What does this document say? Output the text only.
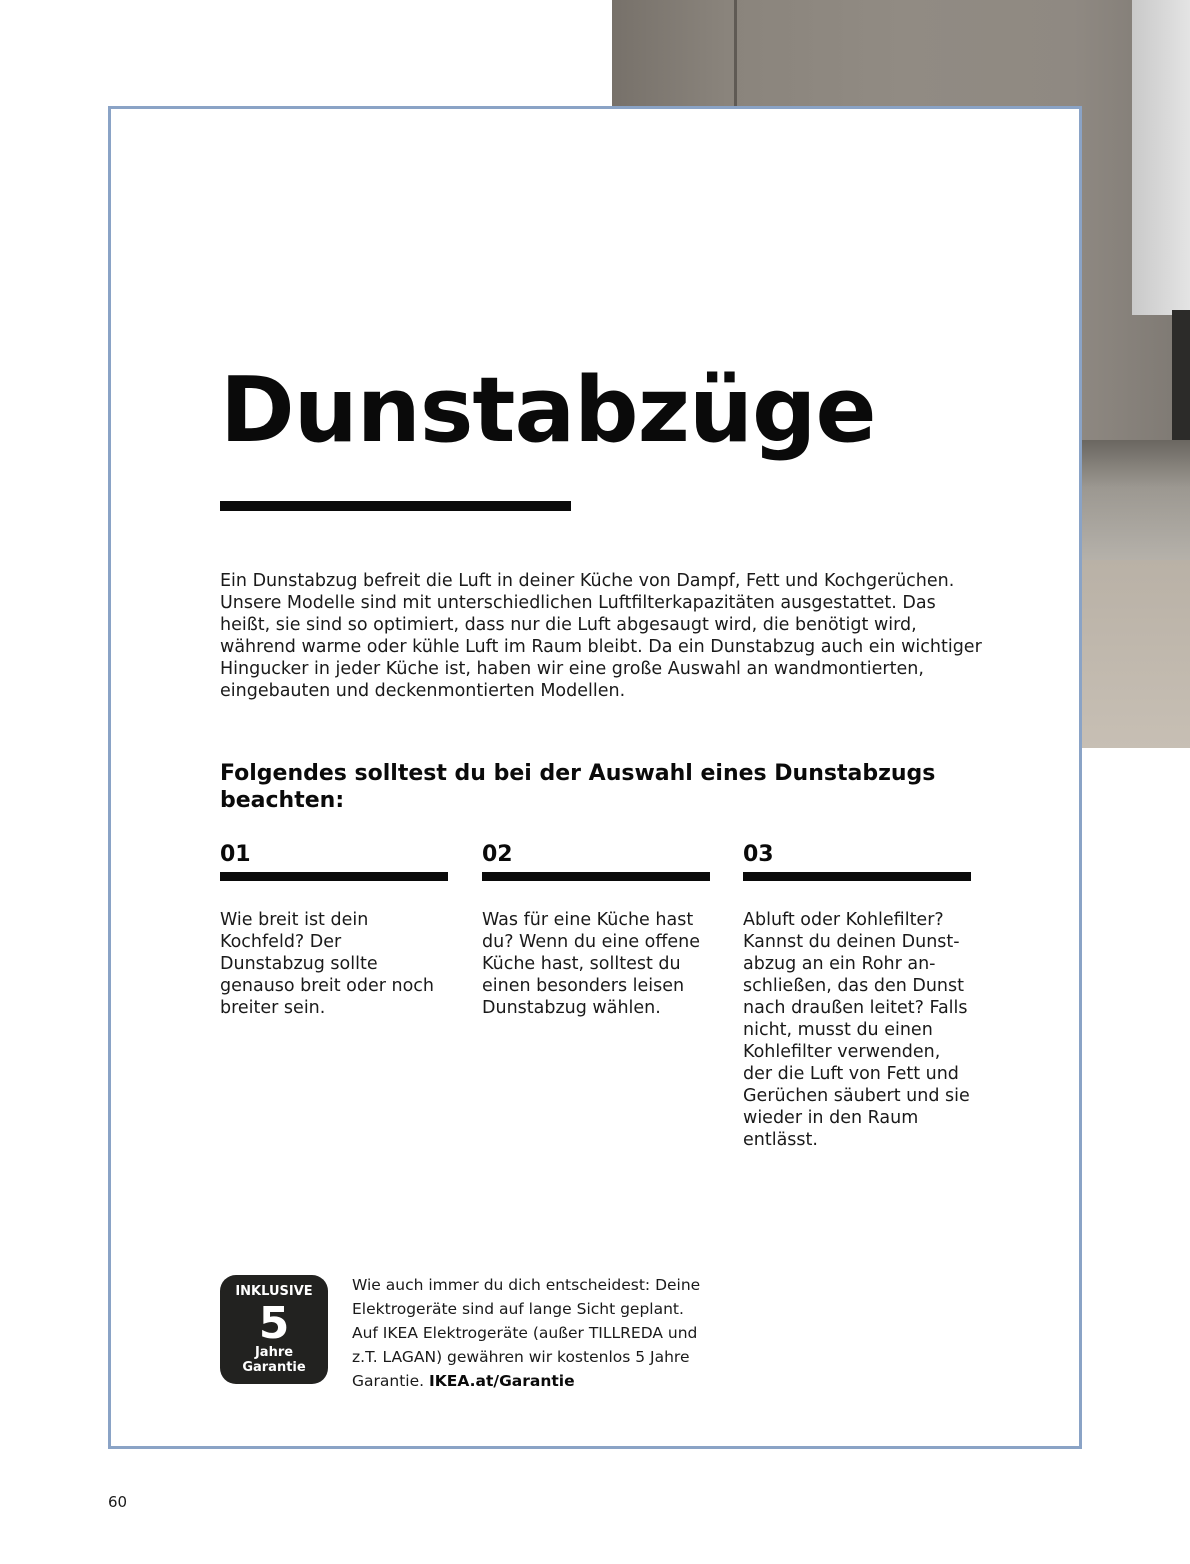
Dunstabzüge

Ein Dunstabzug befreit die Luft in deiner Küche von Dampf, Fett und Kochgerüchen. Unsere Modelle sind mit unterschiedlichen Luftfilterkapazitäten ausgestattet. Das heißt, sie sind so optimiert, dass nur die Luft abgesaugt wird, die benötigt wird, während warme oder kühle Luft im Raum bleibt. Da ein Dunstabzug auch ein wichtiger Hingucker in jeder Küche ist, haben wir eine große Auswahl an wandmontierten, eingebauten und deckenmontierten Modellen.

Folgendes solltest du bei der Auswahl eines Dunstabzugs beachten:
01
Wie breit ist dein Kochfeld? Der Dunstabzug sollte genauso breit oder noch breiter sein.
02
Was für eine Küche hast du? Wenn du eine offene Küche hast, solltest du einen besonders leisen Dunstabzug wählen.
03
Abluft oder Kohlefilter? Kannst du deinen Dunst-abzug an ein Rohr an-schließen, das den Dunst nach draußen leitet? Falls nicht, musst du einen Kohlefilter verwenden, der die Luft von Fett und Gerüchen säubert und sie wieder in den Raum entlässt.
INKLUSIVE
5
Jahre
Garantie

Wie auch immer du dich entscheidest: Deine Elektrogeräte sind auf lange Sicht geplant. Auf IKEA Elektrogeräte (außer TILLREDA und z.T. LAGAN) gewähren wir kostenlos 5 Jahre Garantie. IKEA.at/Garantie

60
